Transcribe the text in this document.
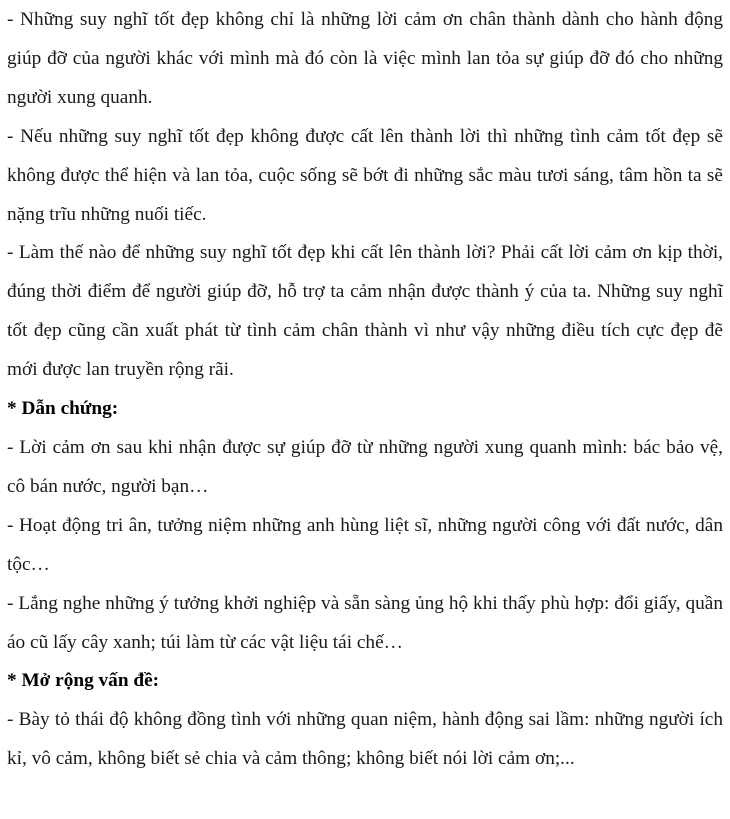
- Những suy nghĩ tốt đẹp không chỉ là những lời cảm ơn chân thành dành cho hành động giúp đỡ của người khác với mình mà đó còn là việc mình lan tỏa sự giúp đỡ đó cho những người xung quanh.

- Nếu những suy nghĩ tốt đẹp không được cất lên thành lời thì những tình cảm tốt đẹp sẽ không được thể hiện và lan tỏa, cuộc sống sẽ bớt đi những sắc màu tươi sáng, tâm hồn ta sẽ nặng trĩu những nuối tiếc.

- Làm thế nào để những suy nghĩ tốt đẹp khi cất lên thành lời? Phải cất lời cảm ơn kịp thời, đúng thời điểm để người giúp đỡ, hỗ trợ ta cảm nhận được thành ý của ta. Những suy nghĩ tốt đẹp cũng cần xuất phát từ tình cảm chân thành vì như vậy những điều tích cực đẹp đẽ mới được lan truyền rộng rãi.

* Dẫn chứng:

- Lời cảm ơn sau khi nhận được sự giúp đỡ từ những người xung quanh mình: bác bảo vệ, cô bán nước, người bạn…

- Hoạt động tri ân, tưởng niệm những anh hùng liệt sĩ, những người công với đất nước, dân tộc…

- Lắng nghe những ý tưởng khởi nghiệp và sẵn sàng ủng hộ khi thấy phù hợp: đổi giấy, quần áo cũ lấy cây xanh; túi làm từ các vật liệu tái chế…

* Mở rộng vấn đề:

- Bày tỏ thái độ không đồng tình với những quan niệm, hành động sai lầm: những người ích kỉ, vô cảm, không biết sẻ chia và cảm thông; không biết nói lời cảm ơn;...
